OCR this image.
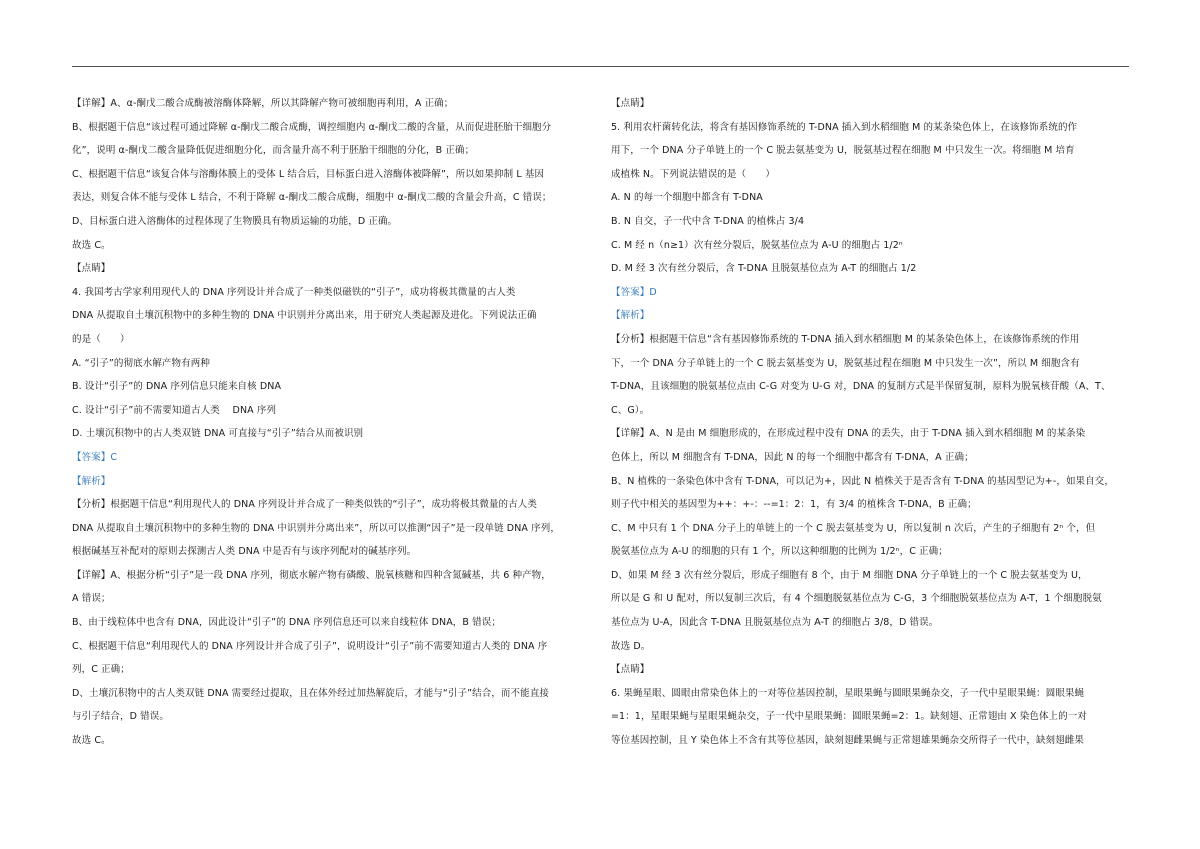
【详解】A、α-酮戊二酸合成酶被溶酶体降解，所以其降解产物可被细胞再利用，A 正确；

B、根据题干信息“该过程可通过降解 α-酮戊二酸合成酶，调控细胞内 α-酮戊二酸的含量，从而促进胚胎干细胞分

化”，说明 α-酮戊二酸含量降低促进细胞分化，而含量升高不利于胚胎干细胞的分化，B 正确；

C、根据题干信息“该复合体与溶酶体膜上的受体 L 结合后，目标蛋白进入溶酶体被降解”，所以如果抑制 L 基因

表达，则复合体不能与受体 L 结合，不利于降解 α-酮戊二酸合成酶，细胞中 α-酮戊二酸的含量会升高，C 错误；

D、目标蛋白进入溶酶体的过程体现了生物膜具有物质运输的功能，D 正确。

故选 C。

【点睛】

4. 我国考古学家利用现代人的 DNA 序列设计并合成了一种类似磁铁的“引子”，成功将极其微量的古人类

DNA 从提取自土壤沉积物中的多种生物的 DNA 中识别并分离出来，用于研究人类起源及进化。下列说法正确

的是（　　）

A. “引子”的彻底水解产物有两种

B. 设计“引子”的 DNA 序列信息只能来自核 DNA

C. 设计“引子”前不需要知道古人类　 DNA 序列

D. 土壤沉积物中的古人类双链 DNA 可直接与“引子”结合从而被识别

【答案】C

【解析】

【分析】根据题干信息“利用现代人的 DNA 序列设计并合成了一种类似铁的“引子”，成功将极其微量的古人类

DNA 从提取自土壤沉积物中的多种生物的 DNA 中识别并分离出来”，所以可以推测“因子”是一段单链 DNA 序列，

根据碱基互补配对的原则去探测古人类 DNA 中是否有与该序列配对的碱基序列。

【详解】A、根据分析“引子”是一段 DNA 序列，彻底水解产物有磷酸、脱氧核糖和四种含氮碱基，共 6 种产物，

A 错误；

B、由于线粒体中也含有 DNA，因此设计“引子”的 DNA 序列信息还可以来自线粒体 DNA，B 错误；

C、根据题干信息“利用现代人的 DNA 序列设计并合成了引子”，说明设计“引子”前不需要知道古人类的 DNA 序

列，C 正确；

D、土壤沉积物中的古人类双链 DNA 需要经过提取，且在体外经过加热解旋后，才能与“引子”结合，而不能直接

与引子结合，D 错误。

故选 C。

【点睛】

5. 利用农杆菌转化法，将含有基因修饰系统的 T-DNA 插入到水稻细胞 M 的某条染色体上，在该修饰系统的作

用下，一个 DNA 分子单链上的一个 C 脱去氨基变为 U，脱氨基过程在细胞 M 中只发生一次。将细胞 M 培育

成植株 N。下列说法错误的是（　　）

A. N 的每一个细胞中都含有 T-DNA

B. N 自交，子一代中含 T-DNA 的植株占 3/4

C. M 经 n（n≥1）次有丝分裂后，脱氨基位点为 A-U 的细胞占 1/2ⁿ

D. M 经 3 次有丝分裂后，含 T-DNA 且脱氨基位点为 A-T 的细胞占 1/2

【答案】D

【解析】

【分析】根据题干信息“含有基因修饰系统的 T-DNA 插入到水稻细胞 M 的某条染色体上，在该修饰系统的作用

下，一个 DNA 分子单链上的一个 C 脱去氨基变为 U，脱氨基过程在细胞 M 中只发生一次”，所以 M 细胞含有

T-DNA，且该细胞的脱氨基位点由 C-G 对变为 U-G 对，DNA 的复制方式是半保留复制，原料为脱氧核苷酸（A、T、

C、G）。

【详解】A、N 是由 M 细胞形成的，在形成过程中没有 DNA 的丢失，由于 T-DNA 插入到水稻细胞 M 的某条染

色体上，所以 M 细胞含有 T-DNA，因此 N 的每一个细胞中都含有 T-DNA，A 正确；

B、N 植株的一条染色体中含有 T-DNA，可以记为+，因此 N 植株关于是否含有 T-DNA 的基因型记为+-，如果自交，

则子代中相关的基因型为++：+-：--=1：2：1，有 3/4 的植株含 T-DNA，B 正确；

C、M 中只有 1 个 DNA 分子上的单链上的一个 C 脱去氨基变为 U，所以复制 n 次后，产生的子细胞有 2ⁿ 个，但

脱氨基位点为 A-U 的细胞的只有 1 个，所以这种细胞的比例为 1/2ⁿ，C 正确；

D、如果 M 经 3 次有丝分裂后，形成子细胞有 8 个，由于 M 细胞 DNA 分子单链上的一个 C 脱去氨基变为 U，

所以是 G 和 U 配对，所以复制三次后，有 4 个细胞脱氨基位点为 C-G，3 个细胞脱氨基位点为 A-T，1 个细胞脱氨

基位点为 U-A，因此含 T-DNA 且脱氨基位点为 A-T 的细胞占 3/8，D 错误。

故选 D。

【点睛】

6. 果蝇星眼、圆眼由常染色体上的一对等位基因控制，星眼果蝇与圆眼果蝇杂交，子一代中星眼果蝇：圆眼果蝇

=1：1，星眼果蝇与星眼果蝇杂交，子一代中星眼果蝇：圆眼果蝇=2：1。缺刻翅、正常翅由 X 染色体上的一对

等位基因控制，且 Y 染色体上不含有其等位基因，缺刻翅雌果蝇与正常翅雄果蝇杂交所得子一代中，缺刻翅雌果
